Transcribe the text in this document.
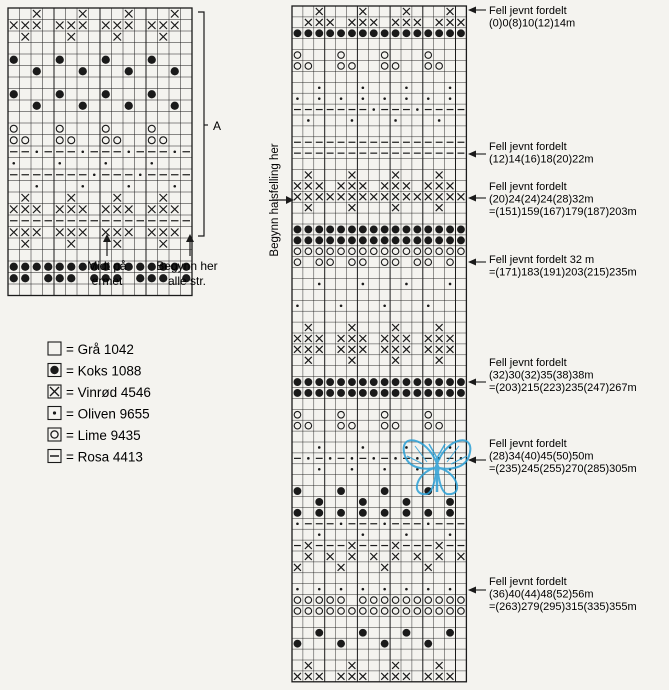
A
Midt på
ermet
Begynn her
alle str.
= Grå 1042
= Koks 1088
= Vinrød 4546
= Oliven 9655
= Lime 9435
= Rosa 4413
Begynn halsfelling her
Fell jevnt fordelt
(0)0(8)10(12)14m
Fell jevnt fordelt
(12)14(16)18(20)22m
Fell jevnt fordelt
(20)24(24)24(28)32m
=(151)159(167)179(187)203m
Fell jevnt fordelt 32 m
=(171)183(191)203(215)235m
Fell jevnt fordelt
(32)30(32)35(38)38m
=(203)215(223)235(247)267m
Fell jevnt fordelt
(28)34(40)45(50)50m
=(235)245(255)270(285)305m
Fell jevnt fordelt
(36)40(44)48(52)56m
=(263)279(295)315(335)355m
